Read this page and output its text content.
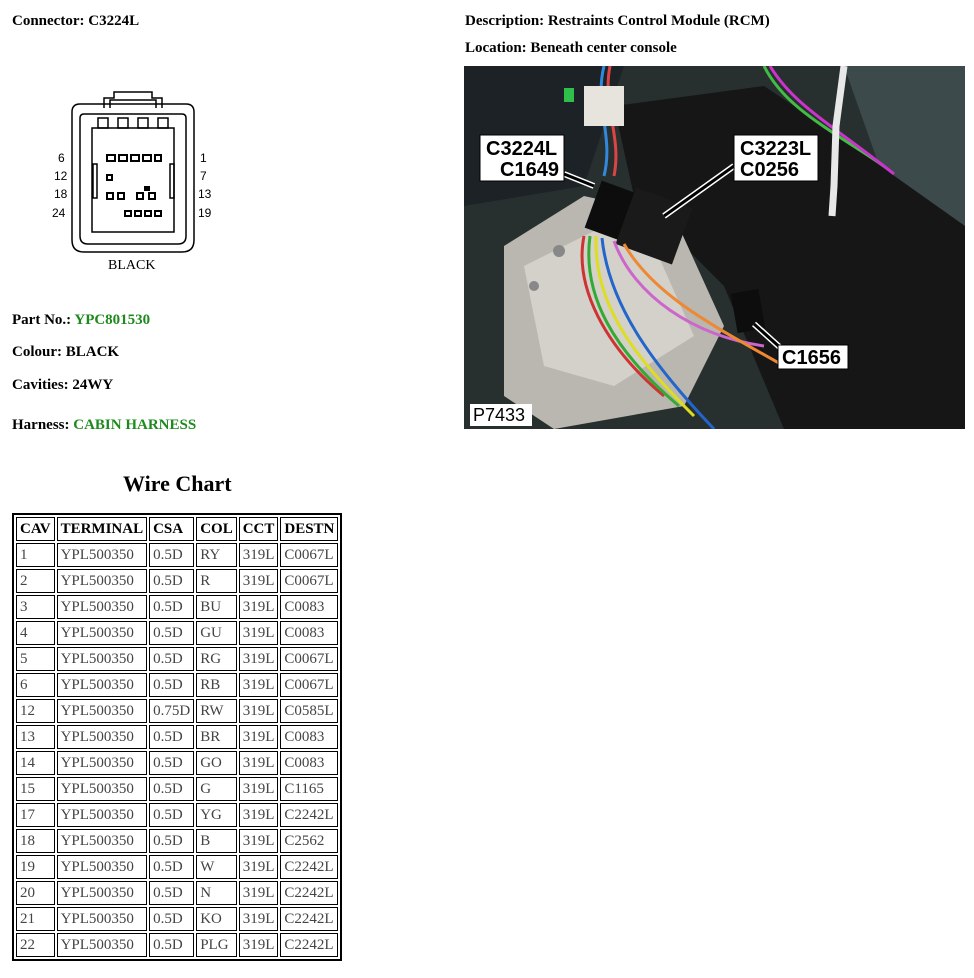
Connector: C3224L	Description: Restraints Control Module (RCM)
Location: Beneath center console
6	1
12	7
18	13
24	19
BLACK
Part No.: YPC801530
Colour: BLACK
Cavities: 24WY
Harness: CABIN HARNESS
C3224L
C1649
C3223L
C0256
C1656
P7433
Wire Chart
CAV	TERMINAL	CSA	COL	CCT	DESTN
1	YPL500350	0.5D	RY	319L	C0067L
2	YPL500350	0.5D	R	319L	C0067L
3	YPL500350	0.5D	BU	319L	C0083
4	YPL500350	0.5D	GU	319L	C0083
5	YPL500350	0.5D	RG	319L	C0067L
6	YPL500350	0.5D	RB	319L	C0067L
12	YPL500350	0.75D	RW	319L	C0585L
13	YPL500350	0.5D	BR	319L	C0083
14	YPL500350	0.5D	GO	319L	C0083
15	YPL500350	0.5D	G	319L	C1165
17	YPL500350	0.5D	YG	319L	C2242L
18	YPL500350	0.5D	B	319L	C2562
19	YPL500350	0.5D	W	319L	C2242L
20	YPL500350	0.5D	N	319L	C2242L
21	YPL500350	0.5D	KO	319L	C2242L
22	YPL500350	0.5D	PLG	319L	C2242L
